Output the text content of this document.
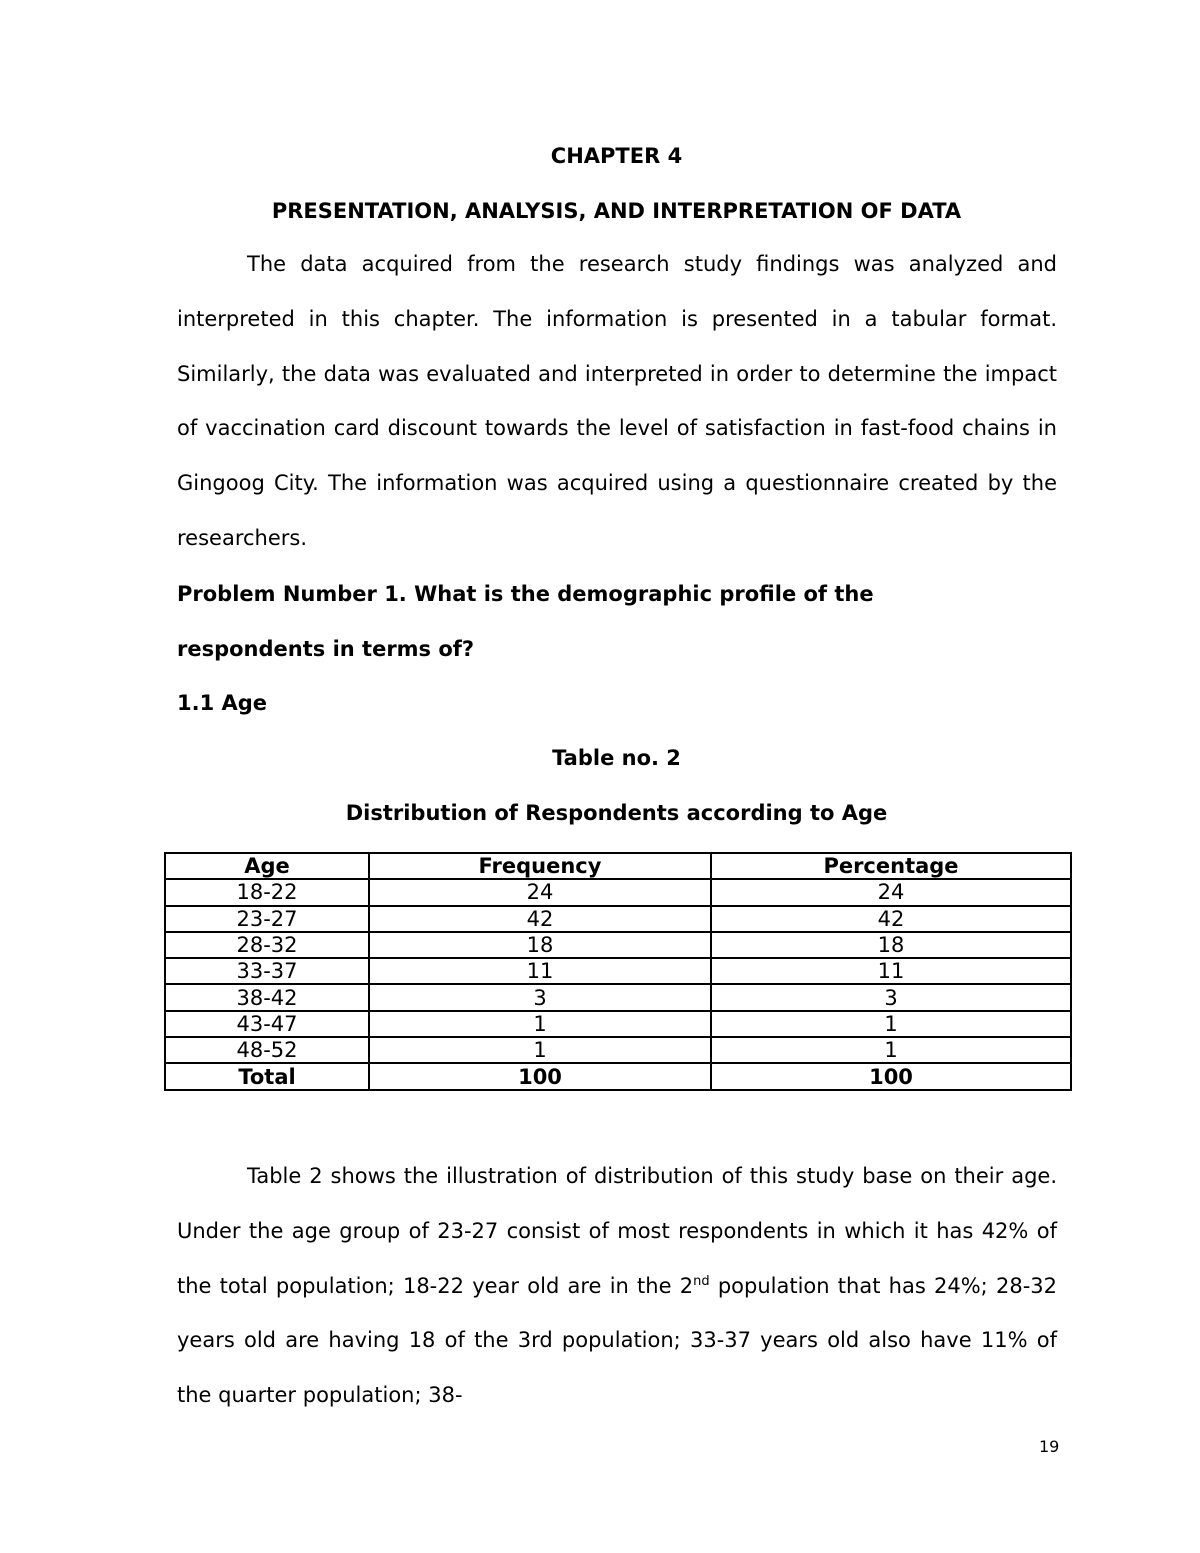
CHAPTER 4
PRESENTATION, ANALYSIS, AND INTERPRETATION OF DATA

The data acquired from the research study findings was analyzed and interpreted in this chapter. The information is presented in a tabular format. Similarly, the data was evaluated and interpreted in order to determine the impact of vaccination card discount towards the level of satisfaction in fast-food chains in Gingoog City. The information was acquired using a questionnaire created by the researchers.

Problem Number 1. What is the demographic profile of the
respondents in terms of?
1.1 Age
Table no. 2
Distribution of Respondents according to Age
Age	Frequency	Percentage
18-22	24	24
23-27	42	42
28-32	18	18
33-37	11	11
38-42	3	3
43-47	1	1
48-52	1	1
Total	100	100

Table 2 shows the illustration of distribution of this study base on their age. Under the age group of 23-27 consist of most respondents in which it has 42% of the total population; 18-22 year old are in the 2nd population that has 24%; 28-32 years old are having 18 of the 3rd population; 33-37 years old also have 11% of the quarter population; 38-

19
